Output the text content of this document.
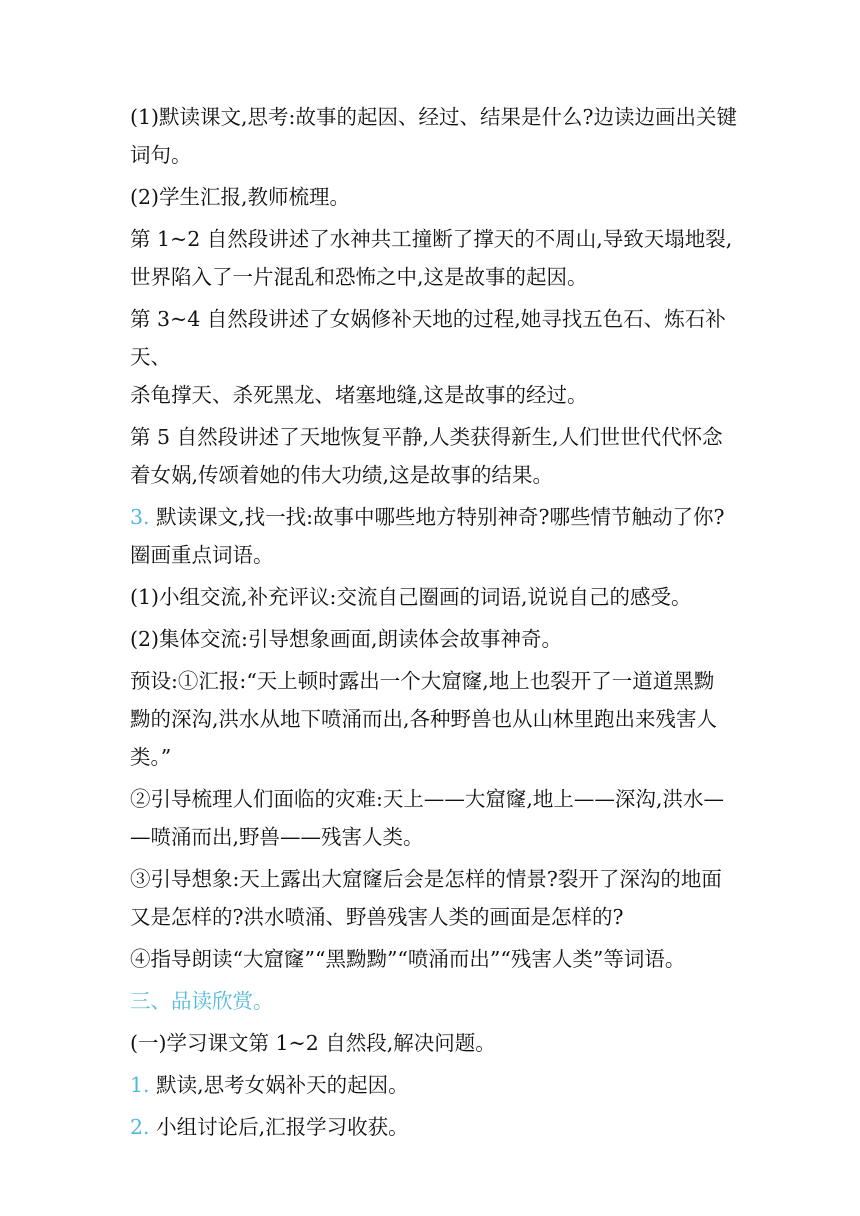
(1)默读课文,思考:故事的起因、经过、结果是什么?边读边画出关键

词句。

(2)学生汇报,教师梳理。

第 1~2 自然段讲述了水神共工撞断了撑天的不周山,导致天塌地裂,

世界陷入了一片混乱和恐怖之中,这是故事的起因。

第 3~4 自然段讲述了女娲修补天地的过程,她寻找五色石、炼石补天、

杀龟撑天、杀死黑龙、堵塞地缝,这是故事的经过。

第 5 自然段讲述了天地恢复平静,人类获得新生,人们世世代代怀念

着女娲,传颂着她的伟大功绩,这是故事的结果。

3. 默读课文,找一找:故事中哪些地方特别神奇?哪些情节触动了你?

圈画重点词语。

(1)小组交流,补充评议:交流自己圈画的词语,说说自己的感受。

(2)集体交流:引导想象画面,朗读体会故事神奇。

预设:①汇报:“天上顿时露出一个大窟窿,地上也裂开了一道道黑黝

黝的深沟,洪水从地下喷涌而出,各种野兽也从山林里跑出来残害人

类。”

②引导梳理人们面临的灾难:天上——大窟窿,地上——深沟,洪水—

—喷涌而出,野兽——残害人类。

③引导想象:天上露出大窟窿后会是怎样的情景?裂开了深沟的地面

又是怎样的?洪水喷涌、野兽残害人类的画面是怎样的?

④指导朗读“大窟窿”“黑黝黝”“喷涌而出”“残害人类”等词语。

三、品读欣赏。

(一)学习课文第 1~2 自然段,解决问题。

1. 默读,思考女娲补天的起因。

2. 小组讨论后,汇报学习收获。
